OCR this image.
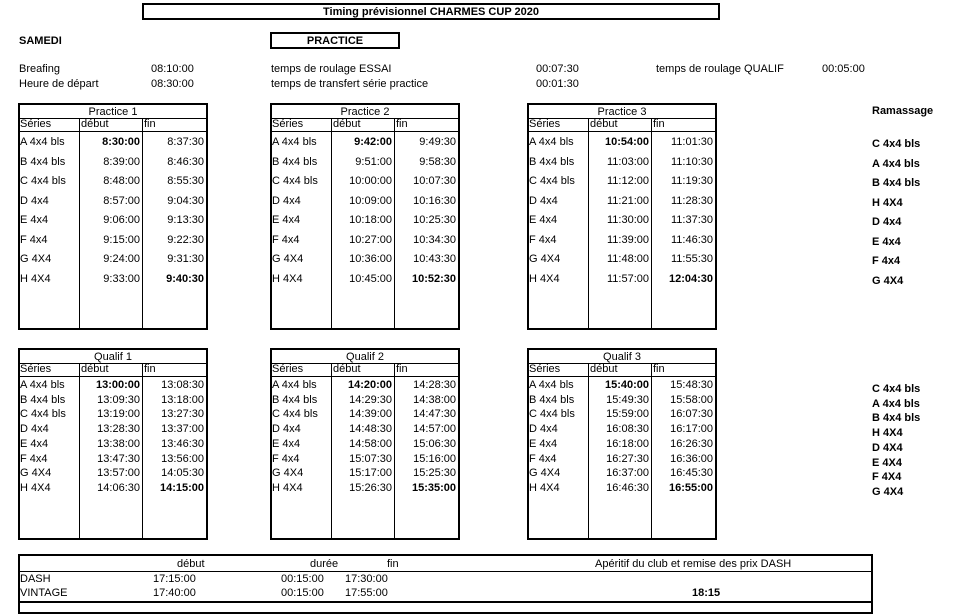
Timing prévisionnel CHARMES CUP 2020
SAMEDI	PRACTICE
Breafing	08:10:00
Heure de départ	08:30:00
temps de roulage ESSAI	00:07:30
temps de transfert série practice	00:01:30
temps de roulage QUALIF	00:05:00
Ramassage
Practice 1
Séries	début	fin
A 4x4 bls	8:30:00 8:37:30
B 4x4 bls	8:39:00 8:46:30
C 4x4 bls	8:48:00 8:55:30
D 4x4	8:57:00 9:04:30
E 4x4	9:06:00 9:13:30
F 4x4	9:15:00 9:22:30
G 4X4	9:24:00 9:31:30
H 4X4	9:33:00 9:40:30
Practice 2
Séries	début	fin
A 4x4 bls	9:42:00 9:49:30
B 4x4 bls	9:51:00 9:58:30
C 4x4 bls	10:00:00 10:07:30
D 4x4	10:09:00 10:16:30
E 4x4	10:18:00 10:25:30
F 4x4	10:27:00 10:34:30
G 4X4	10:36:00 10:43:30
H 4X4	10:45:00 10:52:30
Practice 3
Séries	début	fin
A 4x4 bls	10:54:00 11:01:30
B 4x4 bls	11:03:00 11:10:30
C 4x4 bls	11:12:00 11:19:30
D 4x4	11:21:00 11:28:30
E 4x4	11:30:00 11:37:30
F 4x4	11:39:00 11:46:30
G 4X4	11:48:00 11:55:30
H 4X4	11:57:00 12:04:30
C 4x4 bls
A 4x4 bls
B 4x4 bls
H 4X4
D 4x4
E 4x4
F 4x4
G 4X4
Qualif 1
Séries	début	fin
A 4x4 bls	13:00:00 13:08:30
B 4x4 bls	13:09:30 13:18:00
C 4x4 bls	13:19:00 13:27:30
D 4x4	13:28:30 13:37:00
E 4x4	13:38:00 13:46:30
F 4x4	13:47:30 13:56:00
G 4X4	13:57:00 14:05:30
H 4X4	14:06:30 14:15:00
Qualif 2
Séries	début	fin
A 4x4 bls	14:20:00 14:28:30
B 4x4 bls	14:29:30 14:38:00
C 4x4 bls	14:39:00 14:47:30
D 4x4	14:48:30 14:57:00
E 4x4	14:58:00 15:06:30
F 4x4	15:07:30 15:16:00
G 4X4	15:17:00 15:25:30
H 4X4	15:26:30 15:35:00
Qualif 3
Séries	début	fin
A 4x4 bls	15:40:00 15:48:30
B 4x4 bls	15:49:30 15:58:00
C 4x4 bls	15:59:00 16:07:30
D 4x4	16:08:30 16:17:00
E 4x4	16:18:00 16:26:30
F 4x4	16:27:30 16:36:00
G 4X4	16:37:00 16:45:30
H 4X4	16:46:30 16:55:00
C 4x4 bls
A 4x4 bls
B 4x4 bls
H 4X4
D 4X4
E 4X4
F 4X4
G 4X4
début	durée	fin	Apéritif du club et remise des prix DASH
DASH	17:15:00	00:15:00 17:30:00
VINTAGE	17:40:00	00:15:00 17:55:00	18:15
